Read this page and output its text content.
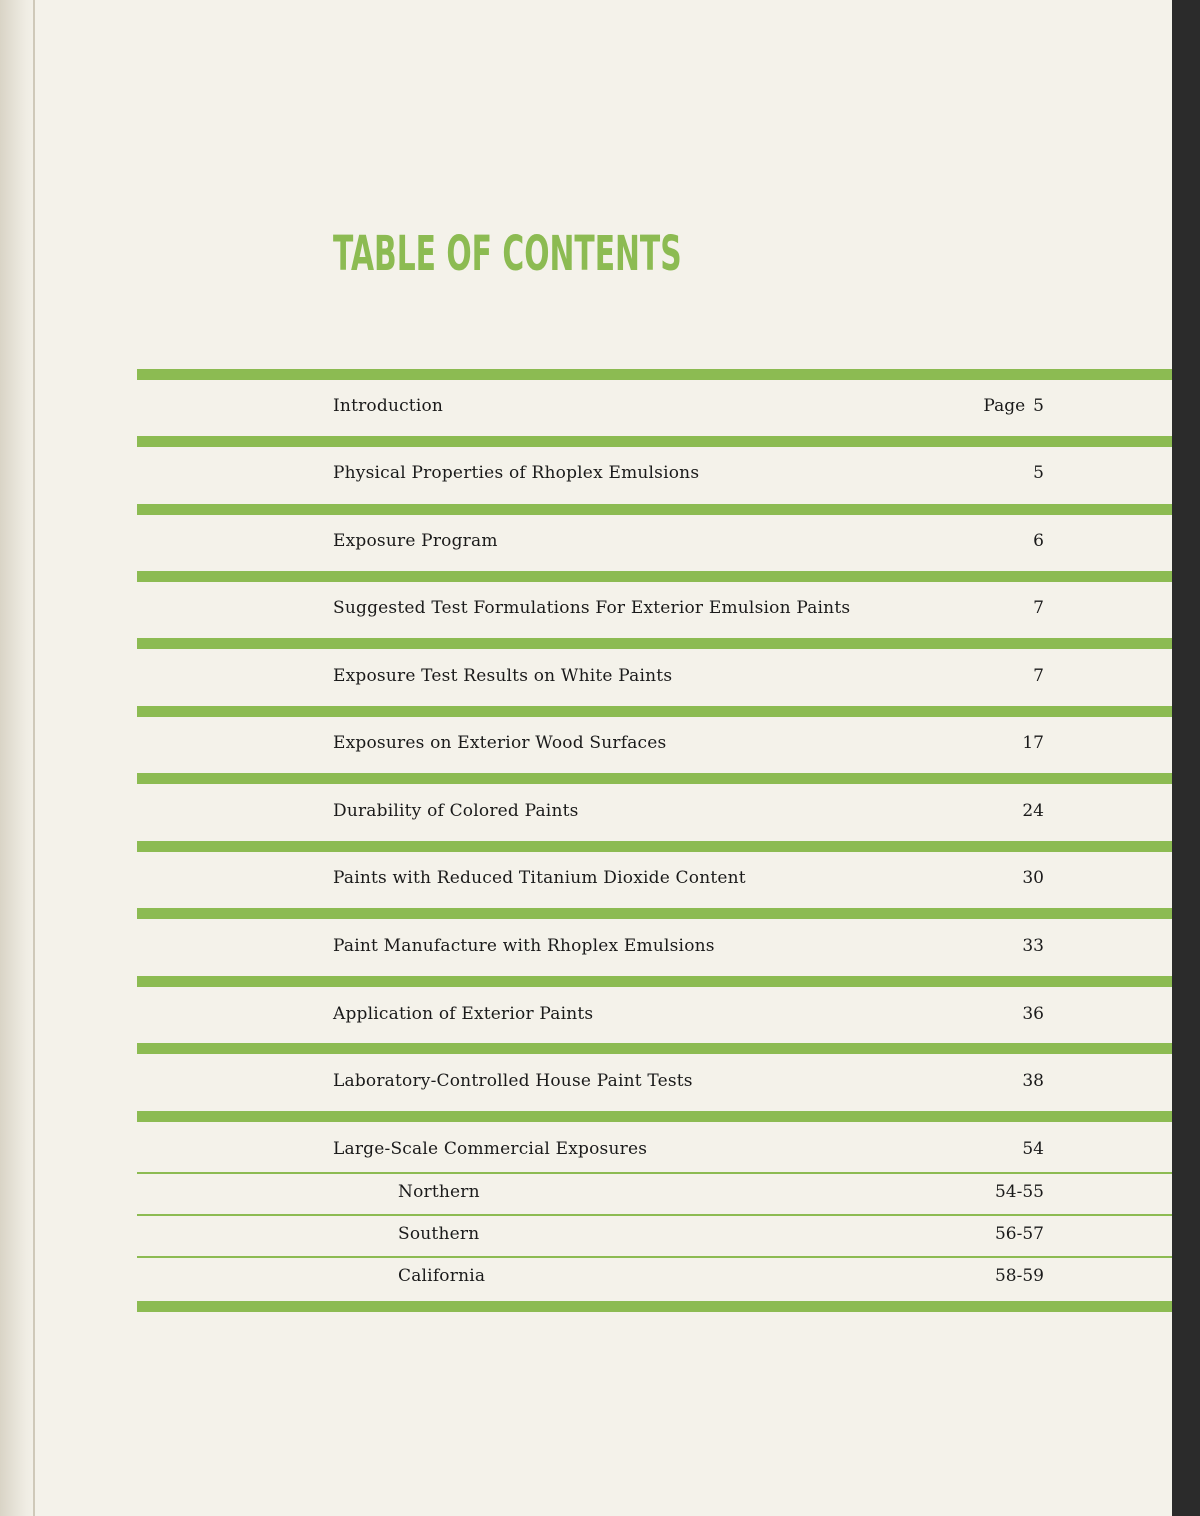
TABLE OF CONTENTS
Introduction	Page 5
Physical Properties of Rhoplex Emulsions	5
Exposure Program	6
Suggested Test Formulations For Exterior Emulsion Paints	7
Exposure Test Results on White Paints	7
Exposures on Exterior Wood Surfaces	17
Durability of Colored Paints	24
Paints with Reduced Titanium Dioxide Content	30
Paint Manufacture with Rhoplex Emulsions	33
Application of Exterior Paints	36
Laboratory-Controlled House Paint Tests	38
Large-Scale Commercial Exposures	54
Northern	54-55
Southern	56-57
California	58-59
